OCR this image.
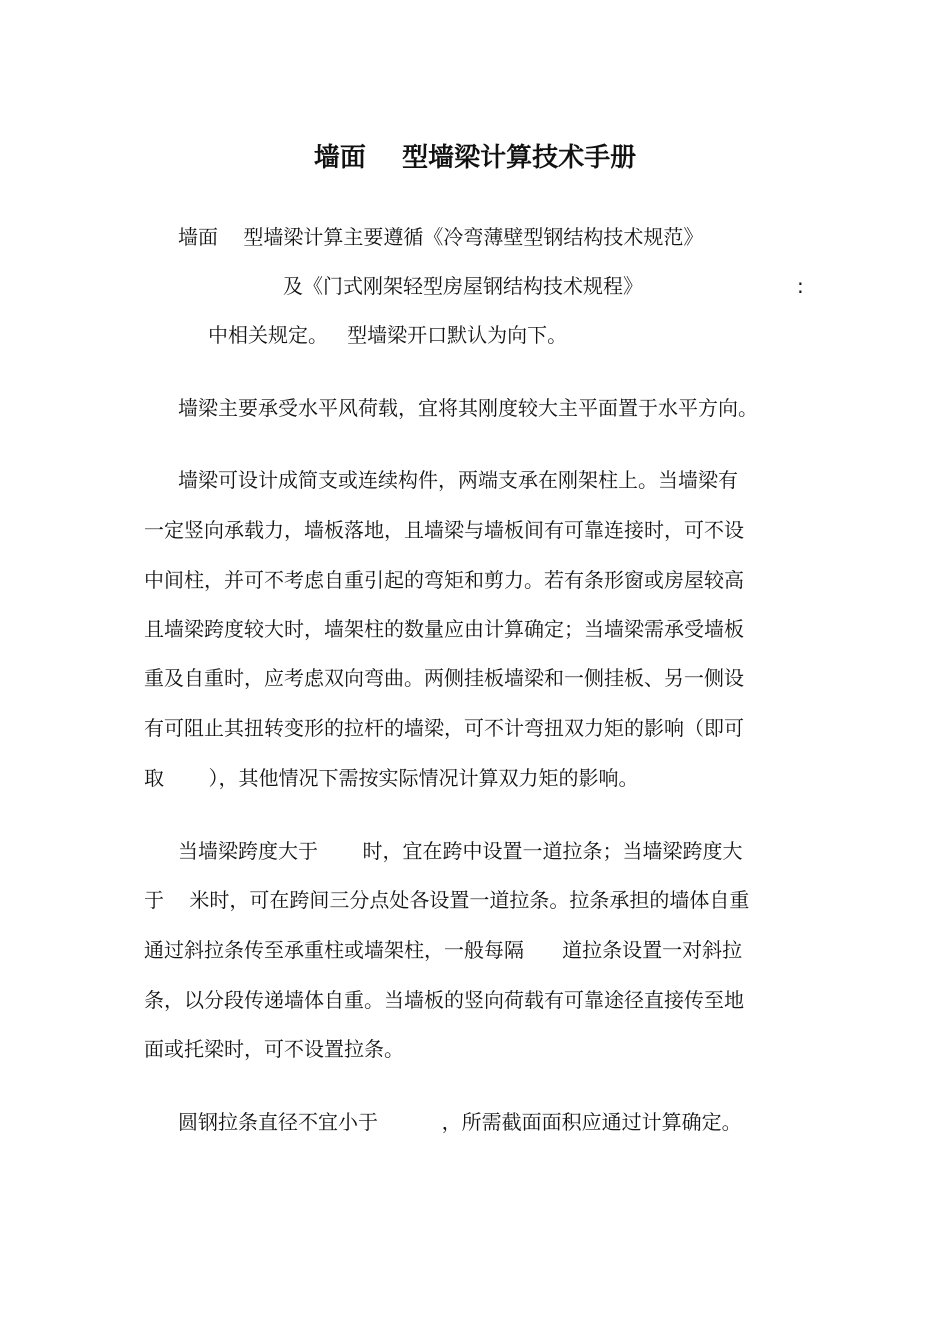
墙面    型墙梁计算技术手册
墙面    型墙梁计算主要遵循《冷弯薄壁型钢结构技术规范》
及《门式刚架轻型房屋钢结构技术规程》	:
中相关规定。   型墙梁开口默认为向下。
墙梁主要承受水平风荷载，宜将其刚度较大主平面置于水平方向。
墙梁可设计成简支或连续构件，两端支承在刚架柱上。当墙梁有
一定竖向承载力，墙板落地，且墙梁与墙板间有可靠连接时，可不设
中间柱，并可不考虑自重引起的弯矩和剪力。若有条形窗或房屋较高
且墙梁跨度较大时，墙架柱的数量应由计算确定；当墙梁需承受墙板
重及自重时，应考虑双向弯曲。两侧挂板墙梁和一侧挂板、另一侧设
有可阻止其扭转变形的拉杆的墙梁，可不计弯扭双力矩的影响（即可
取       ），其他情况下需按实际情况计算双力矩的影响。
当墙梁跨度大于       时，宜在跨中设置一道拉条；当墙梁跨度大
于    米时，可在跨间三分点处各设置一道拉条。拉条承担的墙体自重
通过斜拉条传至承重柱或墙架柱，一般每隔      道拉条设置一对斜拉
条，以分段传递墙体自重。当墙板的竖向荷载有可靠途径直接传至地
面或托梁时，可不设置拉条。
圆钢拉条直径不宜小于          ，所需截面面积应通过计算确定。
